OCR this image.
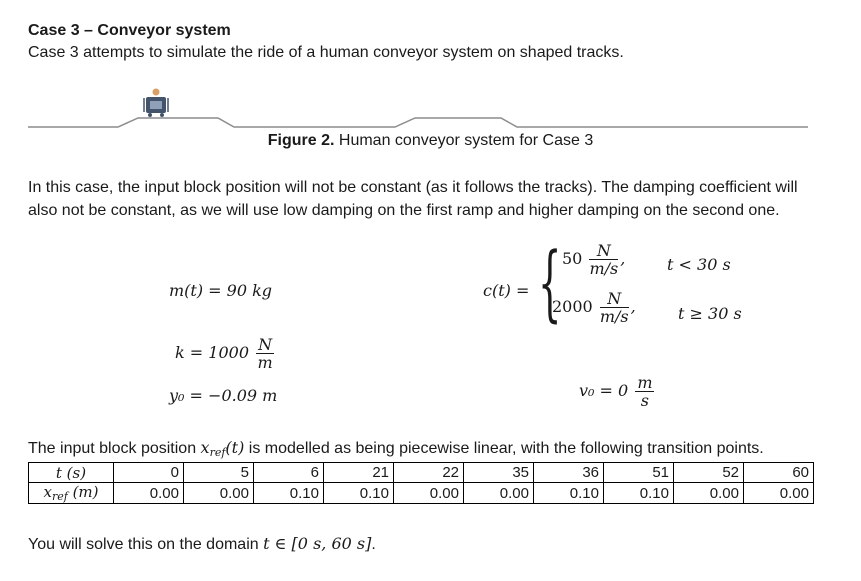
Case 3 – Conveyor system
Case 3 attempts to simulate the ride of a human conveyor system on shaped tracks.
Figure 2. Human conveyor system for Case 3
In this case, the input block position will not be constant (as it follows the tracks). The damping coefficient will also not be constant, as we will use low damping on the first ramp and higher damping on the second one.
m(t) = 90 kg	c(t) = { $50 \frac{N}{m/s}$ ,	t < 30 s
$2000 \frac{N}{m/s}$ ,	t ≥ 30 s
$k = 1000 \frac{N}{m}$
y₀ = −0.09 m	$v_0 = 0 \frac{m}{s}$
The input block position $x_{ref}(t)$ is modelled as being piecewise linear, with the following transition points.
t (s)	0	5	6	21	22	35	36	51	52	60
$x_{ref}$ (m)	0.00	0.00	0.10	0.10	0.00	0.00	0.10	0.10	0.00	0.00
You will solve this on the domain t ∈ [0 s, 60 s].
